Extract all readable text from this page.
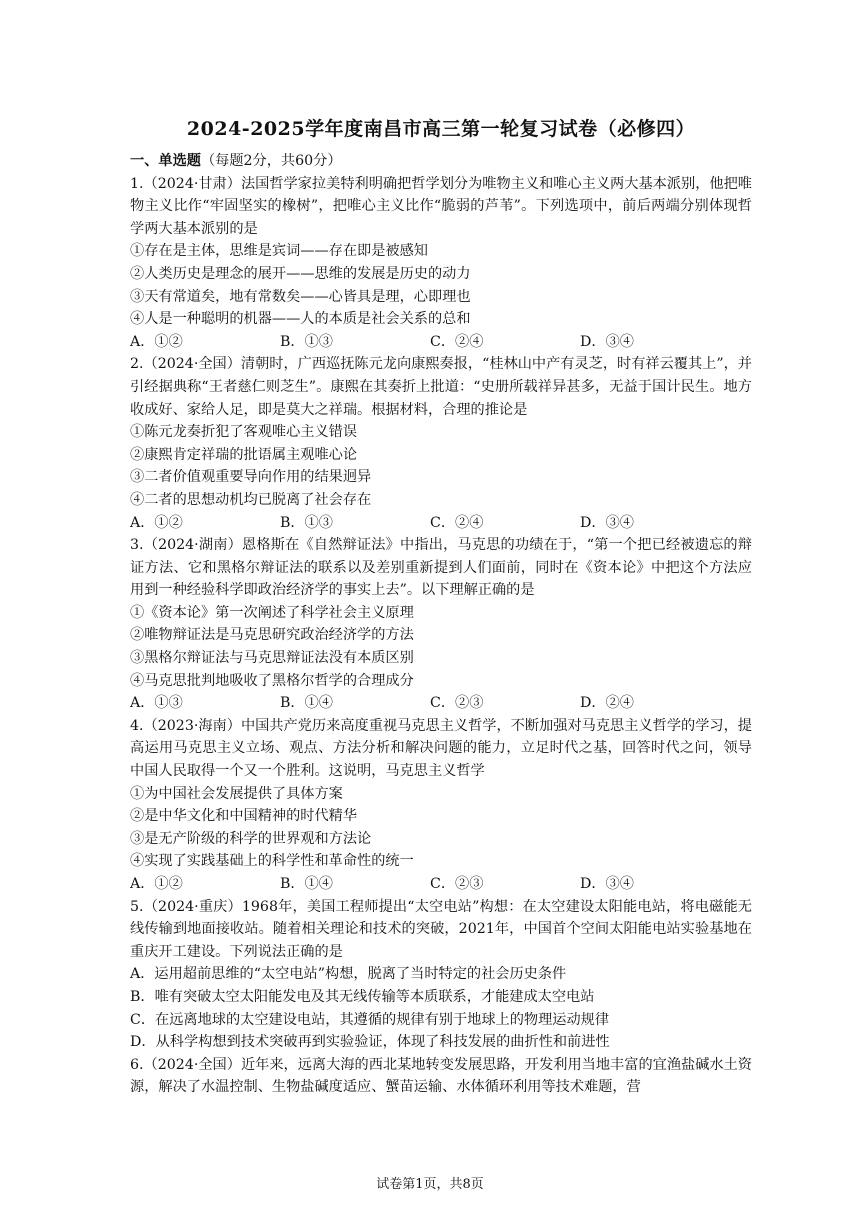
2024-2025学年度南昌市高三第一轮复习试卷（必修四）
一、单选题（每题2分，共60分）

1.（2024·甘肃）法国哲学家拉美特利明确把哲学划分为唯物主义和唯心主义两大基本派别，他把唯物主义比作“牢固坚实的橡树”，把唯心主义比作“脆弱的芦苇”。下列选项中，前后两端分别体现哲学两大基本派别的是

①存在是主体，思维是宾词——存在即是被感知

②人类历史是理念的展开——思维的发展是历史的动力

③天有常道矣，地有常数矣——心皆具是理，心即理也

④人是一种聪明的机器——人的本质是社会关系的总和

A．①②	B．①③	C．②④	D．③④

2.（2024·全国）清朝时，广西巡抚陈元龙向康熙奏报，“桂林山中产有灵芝，时有祥云覆其上”，并引经据典称“王者慈仁则芝生”。康熙在其奏折上批道：“史册所载祥异甚多，无益于国计民生。地方收成好、家给人足，即是莫大之祥瑞。根据材料，合理的推论是

①陈元龙奏折犯了客观唯心主义错误

②康熙肯定祥瑞的批语属主观唯心论

③二者价值观重要导向作用的结果迥异

④二者的思想动机均已脱离了社会存在

A．①②	B．①③	C．②④	D．③④

3.（2024·湖南）恩格斯在《自然辩证法》中指出，马克思的功绩在于，“第一个把已经被遗忘的辩证方法、它和黑格尔辩证法的联系以及差别重新提到人们面前，同时在《资本论》中把这个方法应用到一种经验科学即政治经济学的事实上去”。以下理解正确的是

①《资本论》第一次阐述了科学社会主义原理

②唯物辩证法是马克思研究政治经济学的方法

③黑格尔辩证法与马克思辩证法没有本质区别

④马克思批判地吸收了黑格尔哲学的合理成分

A．①③	B．①④	C．②③	D．②④

4.（2023·海南）中国共产党历来高度重视马克思主义哲学，不断加强对马克思主义哲学的学习，提高运用马克思主义立场、观点、方法分析和解决问题的能力，立足时代之基，回答时代之问，领导中国人民取得一个又一个胜利。这说明，马克思主义哲学

①为中国社会发展提供了具体方案

②是中华文化和中国精神的时代精华

③是无产阶级的科学的世界观和方法论

④实现了实践基础上的科学性和革命性的统一

A．①②	B．①④	C．②③	D．③④

5.（2024·重庆）1968年，美国工程师提出“太空电站”构想：在太空建设太阳能电站，将电磁能无线传输到地面接收站。随着相关理论和技术的突破，2021年，中国首个空间太阳能电站实验基地在重庆开工建设。下列说法正确的是

A．运用超前思维的“太空电站”构想，脱离了当时特定的社会历史条件

B．唯有突破太空太阳能发电及其无线传输等本质联系，才能建成太空电站

C．在远离地球的太空建设电站，其遵循的规律有别于地球上的物理运动规律

D．从科学构想到技术突破再到实验验证，体现了科技发展的曲折性和前进性

6.（2024·全国）近年来，远离大海的西北某地转变发展思路，开发利用当地丰富的宜渔盐碱水土资源，解决了水温控制、生物盐碱度适应、蟹苗运输、水体循环利用等技术难题，营

试卷第1页，共8页
